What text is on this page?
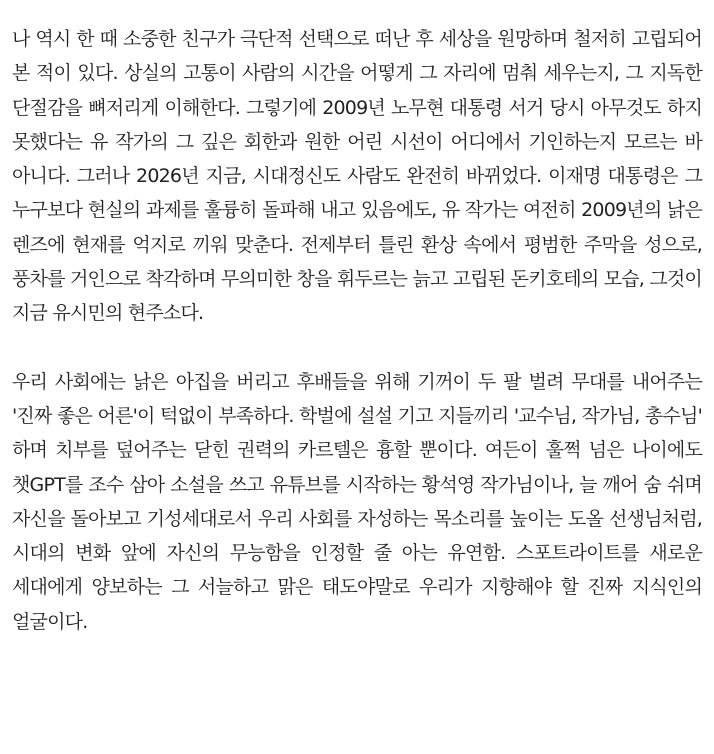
나 역시 한 때 소중한 친구가 극단적 선택으로 떠난 후 세상을 원망하며 철저히 고립되어 본 적이 있다. 상실의 고통이 사람의 시간을 어떻게 그 자리에 멈춰 세우는지, 그 지독한 단절감을 뼈저리게 이해한다. 그렇기에 2009년 노무현 대통령 서거 당시 아무것도 하지 못했다는 유 작가의 그 깊은 회한과 원한 어린 시선이 어디에서 기인하는지 모르는 바 아니다. 그러나 2026년 지금, 시대정신도 사람도 완전히 바뀌었다. 이재명 대통령은 그 누구보다 현실의 과제를 훌륭히 돌파해 내고 있음에도, 유 작가는 여전히 2009년의 낡은 렌즈에 현재를 억지로 끼워 맞춘다. 전제부터 틀린 환상 속에서 평범한 주막을 성으로, 풍차를 거인으로 착각하며 무의미한 창을 휘두르는 늙고 고립된 돈키호테의 모습, 그것이 지금 유시민의 현주소다.

우리 사회에는 낡은 아집을 버리고 후배들을 위해 기꺼이 두 팔 벌려 무대를 내어주는 '진짜 좋은 어른'이 턱없이 부족하다. 학벌에 설설 기고 지들끼리 '교수님, 작가님, 총수님' 하며 치부를 덮어주는 닫힌 권력의 카르텔은 흉할 뿐이다. 여든이 훌쩍 넘은 나이에도 챗GPT를 조수 삼아 소설을 쓰고 유튜브를 시작하는 황석영 작가님이나, 늘 깨어 숨 쉬며 자신을 돌아보고 기성세대로서 우리 사회를 자성하는 목소리를 높이는 도올 선생님처럼, 시대의 변화 앞에 자신의 무능함을 인정할 줄 아는 유연함. 스포트라이트를 새로운 세대에게 양보하는 그 서늘하고 맑은 태도야말로 우리가 지향해야 할 진짜 지식인의 얼굴이다.
